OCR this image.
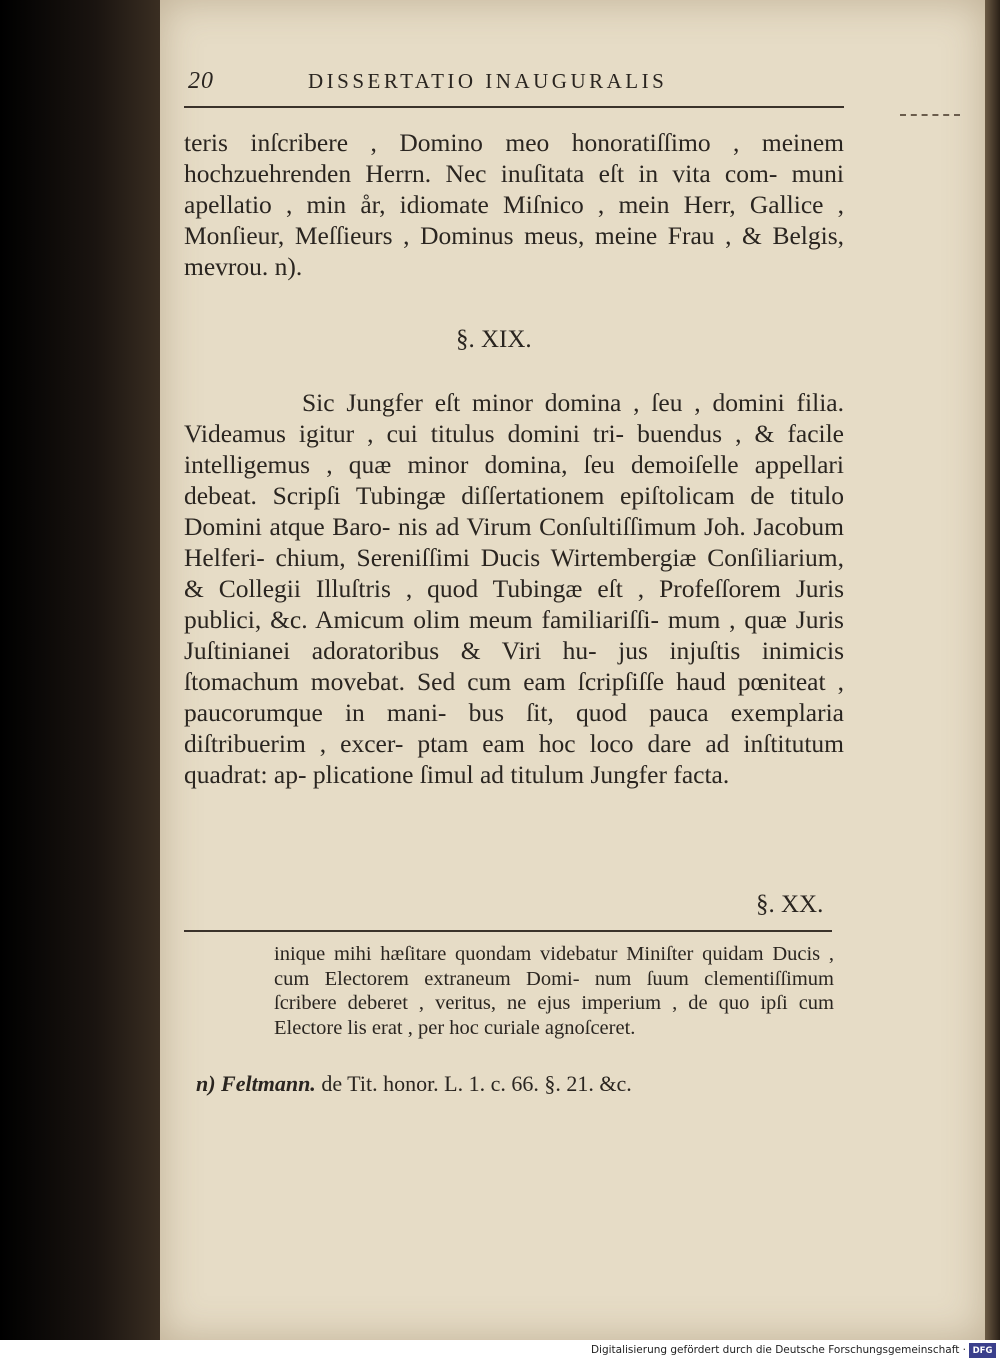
20	DISSERTATIO INAUGURALIS

teris inſcribere , Domino meo honoratiſſimo , meinem hochzuehrenden Herrn. Nec inuſitata eſt in vita com- muni apellatio , min år, idiomate Miſnico , mein Herr, Gallice , Monſieur, Meſſieurs , Dominus meus, meine Frau , & Belgis, mevrou. n).

§. XIX.

Sic Jungfer eſt minor domina , ſeu , domini filia. Videamus igitur , cui titulus domini tri- buendus , & facile intelligemus , quæ minor domina, ſeu demoiſelle appellari debeat. Scripſi Tubingæ diſſertationem epiſtolicam de titulo Domini atque Baro- nis ad Virum Conſultiſſimum Joh. Jacobum Helferi- chium, Sereniſſimi Ducis Wirtembergiæ Conſiliarium, & Collegii Illuſtris , quod Tubingæ eſt , Profeſſorem Juris publici, &c. Amicum olim meum familiariſſi- mum , quæ Juris Juſtinianei adoratoribus & Viri hu- jus injuſtis inimicis ſtomachum movebat. Sed cum eam ſcripſiſſe haud pœniteat , paucorumque in mani- bus ſit, quod pauca exemplaria diſtribuerim , excer- ptam eam hoc loco dare ad inſtitutum quadrat: ap- plicatione ſimul ad titulum Jungfer facta.

§. XX.

inique mihi hæſitare quondam videbatur Miniſter quidam Ducis , cum Electorem extraneum Domi- num ſuum clementiſſimum ſcribere deberet , veritus, ne ejus imperium , de quo ipſi cum Electore lis erat , per hoc curiale agnoſceret.

n) Feltmann. de Tit. honor. L. 1. c. 66. §. 21. &c.

Digitalisierung gefördert durch die Deutsche Forschungsgemeinschaft · DFG
